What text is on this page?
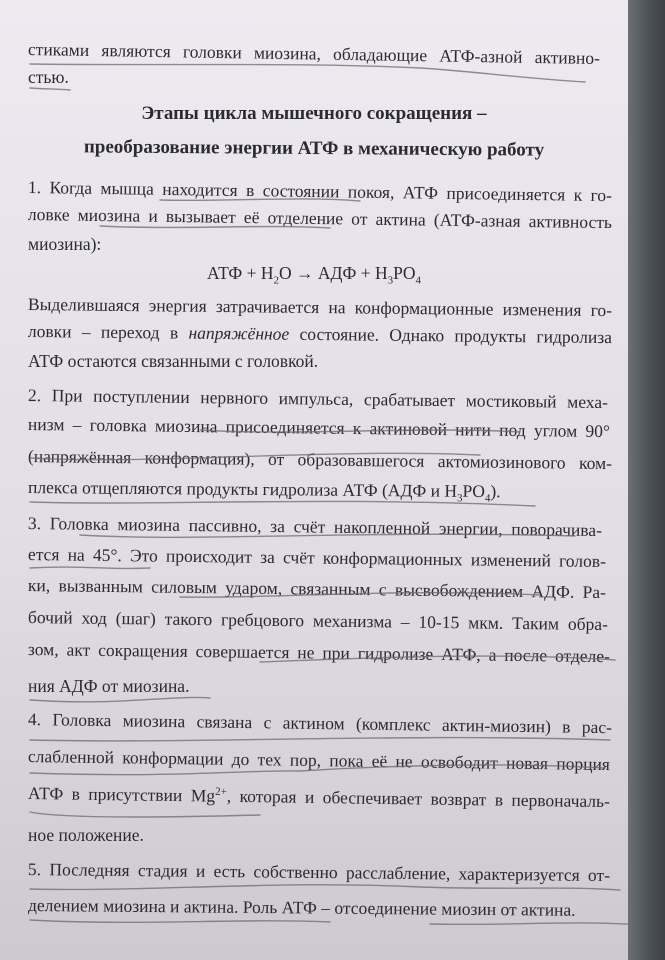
стиками являются головки миозина, обладающие АТФ-азной активно-
стью.
Этапы цикла мышечного сокращения –
преобразование энергии АТФ в механическую работу
1. Когда мышца находится в состоянии покоя, АТФ присоединяется к го-
ловке миозина и вызывает её отделение от актина (АТФ-азная активность
миозина):
АТФ + $H_2O$ → АДФ + $H_3PO_4$
Выделившаяся энергия затрачивается на конформационные изменения го-
ловки – переход в напряжённое состояние. Однако продукты гидролиза
АТФ остаются связанными с головкой.
2. При поступлении нервного импульса, срабатывает мостиковый меха-
низм – головка миозина присоединяется к актиновой нити под углом 90°
(напряжённая конформация), от образовавшегося актомиозинового ком-
плекса отщепляются продукты гидролиза АТФ (АДФ и $H_3PO_4$).
3. Головка миозина пассивно, за счёт накопленной энергии, поворачива-
ется на 45°. Это происходит за счёт конформационных изменений голов-
ки, вызванным силовым ударом, связанным с высвобождением АДФ. Ра-
бочий ход (шаг) такого гребцового механизма – 10-15 мкм. Таким обра-
зом, акт сокращения совершается не при гидролизе АТФ, а после отделе-
ния АДФ от миозина.
4. Головка миозина связана с актином (комплекс актин-миозин) в рас-
слабленной конформации до тех пор, пока её не освободит новая порция
АТФ в присутствии $Mg^{2+}$, которая и обеспечивает возврат в первоначаль-
ное положение.
5. Последняя стадия и есть собственно расслабление, характеризуется от-
делением миозина и актина. Роль АТФ – отсоединение миозин от актина.
